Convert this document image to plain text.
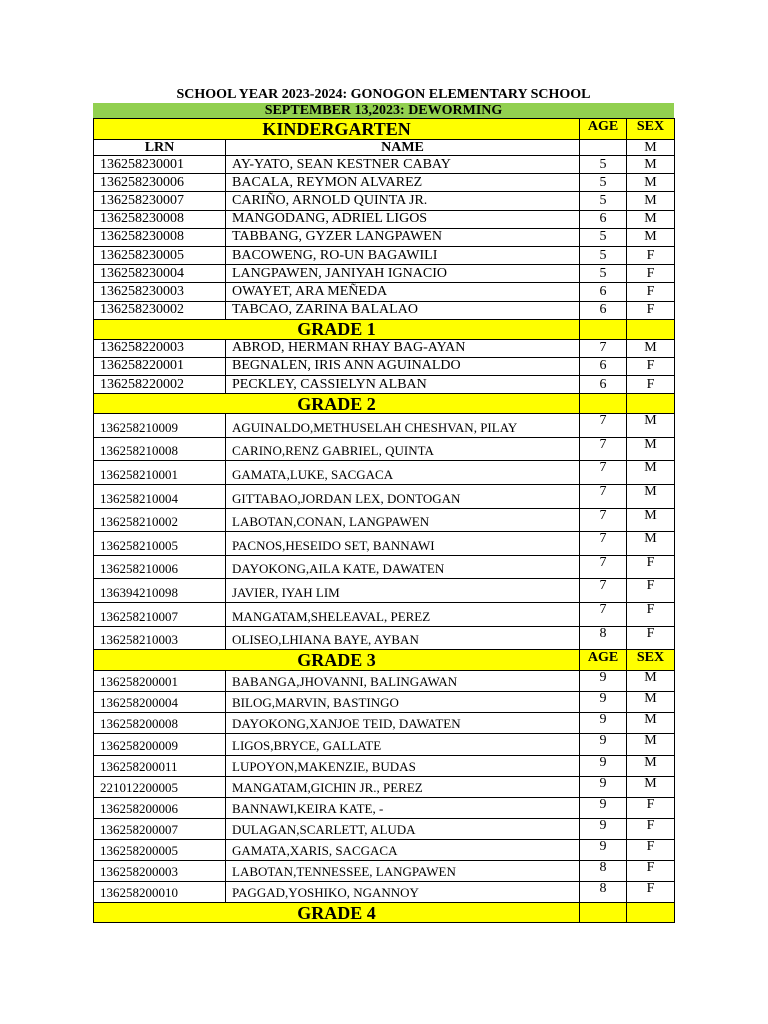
SCHOOL YEAR 2023-2024: GONOGON ELEMENTARY SCHOOL
SEPTEMBER 13,2023: DEWORMING
KINDERGARTEN		AGE	SEX
LRN	NAME		M
136258230001	AY-YATO, SEAN KESTNER CABAY	5	M
136258230006	BACALA, REYMON ALVAREZ	5	M
136258230007	CARIÑO, ARNOLD QUINTA JR.	5	M
136258230008	MANGODANG, ADRIEL LIGOS	6	M
136258230008	TABBANG, GYZER LANGPAWEN	5	M
136258230005	BACOWENG, RO-UN BAGAWILI	5	F
136258230004	LANGPAWEN, JANIYAH IGNACIO	5	F
136258230003	OWAYET, ARA MEÑEDA	6	F
136258230002	TABCAO, ZARINA BALALAO	6	F
GRADE 1			
136258220003	ABROD, HERMAN RHAY BAG-AYAN	7	M
136258220001	BEGNALEN, IRIS ANN AGUINALDO	6	F
136258220002	PECKLEY, CASSIELYN ALBAN	6	F
GRADE 2			
136258210009	AGUINALDO,METHUSELAH CHESHVAN, PILAY	7	M
136258210008	CARINO,RENZ GABRIEL, QUINTA	7	M
136258210001	GAMATA,LUKE, SACGACA	7	M
136258210004	GITTABAO,JORDAN LEX, DONTOGAN	7	M
136258210002	LABOTAN,CONAN, LANGPAWEN	7	M
136258210005	PACNOS,HESEIDO SET, BANNAWI	7	M
136258210006	DAYOKONG,AILA KATE, DAWATEN	7	F
136394210098	JAVIER, IYAH LIM	7	F
136258210007	MANGATAM,SHELEAVAL, PEREZ	7	F
136258210003	OLISEO,LHIANA BAYE, AYBAN	8	F
GRADE 3		AGE	SEX
136258200001	BABANGA,JHOVANNI, BALINGAWAN	9	M
136258200004	BILOG,MARVIN, BASTINGO	9	M
136258200008	DAYOKONG,XANJOE TEID, DAWATEN	9	M
136258200009	LIGOS,BRYCE, GALLATE	9	M
136258200011	LUPOYON,MAKENZIE, BUDAS	9	M
221012200005	MANGATAM,GICHIN JR., PEREZ	9	M
136258200006	BANNAWI,KEIRA KATE, -	9	F
136258200007	DULAGAN,SCARLETT, ALUDA	9	F
136258200005	GAMATA,XARIS, SACGACA	9	F
136258200003	LABOTAN,TENNESSEE, LANGPAWEN	8	F
136258200010	PAGGAD,YOSHIKO, NGANNOY	8	F
GRADE 4			
